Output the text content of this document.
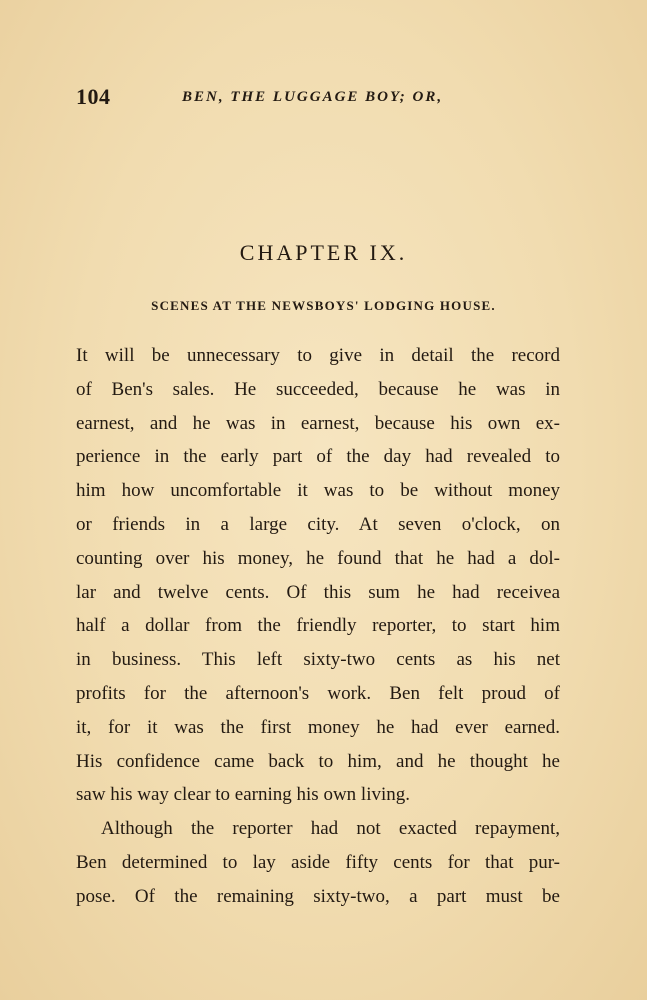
104	BEN, THE LUGGAGE BOY; OR,
CHAPTER IX.
SCENES AT THE NEWSBOYS' LODGING HOUSE.
It will be unnecessary to give in detail the record
of Ben's sales. He succeeded, because he was in
earnest, and he was in earnest, because his own ex-
perience in the early part of the day had revealed to
him how uncomfortable it was to be without money
or friends in a large city. At seven o'clock, on
counting over his money, he found that he had a dol-
lar and twelve cents. Of this sum he had receivea
half a dollar from the friendly reporter, to start him
in business. This left sixty-two cents as his net
profits for the afternoon's work. Ben felt proud of
it, for it was the first money he had ever earned.
His confidence came back to him, and he thought he
saw his way clear to earning his own living.
Although the reporter had not exacted repayment,
Ben determined to lay aside fifty cents for that pur-
pose. Of the remaining sixty-two, a part must be
